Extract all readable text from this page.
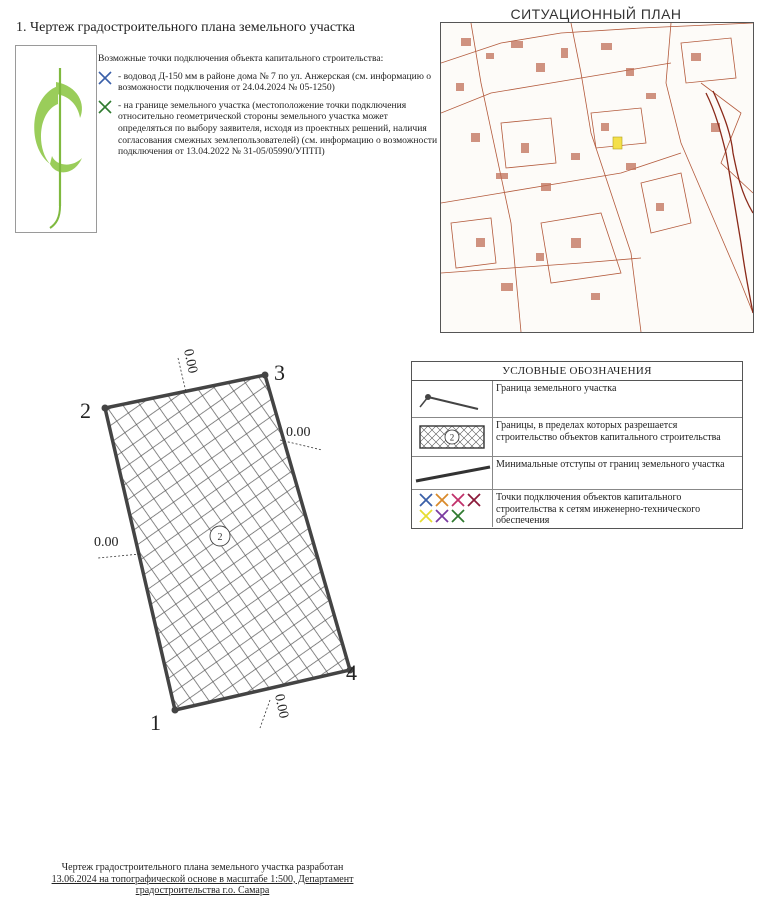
1. Чертеж градостроительного плана земельного участка
Возможные точки подключения объекта капитального строительства:
- водовод Д-150 мм в районе дома № 7 по ул. Анжерская (см. информацию о возможности подключения от 24.04.2024 № 05-1250)
- на границе земельного участка (местоположение точки подключения относительно геометрической стороны земельного участка может определяться по выбору заявителя, исходя из проектных решений, наличия согласования смежных землепользователей) (см. информацию о возможности подключения от 13.04.2022 № 31-05/05990/УПТП)
СИТУАЦИОННЫЙ ПЛАН
УСЛОВНЫЕ ОБОЗНАЧЕНИЯ
Граница земельного участка
2
Границы, в пределах которых разрешается строительство объектов капитального строительства
Минимальные отступы от границ земельного участка
Точки подключения объектов капитального строительства к сетям инженерно-технического обеспечения
2
1
2
3
4
0.00
0.00
0.00
0.00
Чертеж градостроительного плана земельного участка разработан
13.06.2024 на топографической основе в масштабе 1:500, Департамент
градостроительства г.о. Самара
